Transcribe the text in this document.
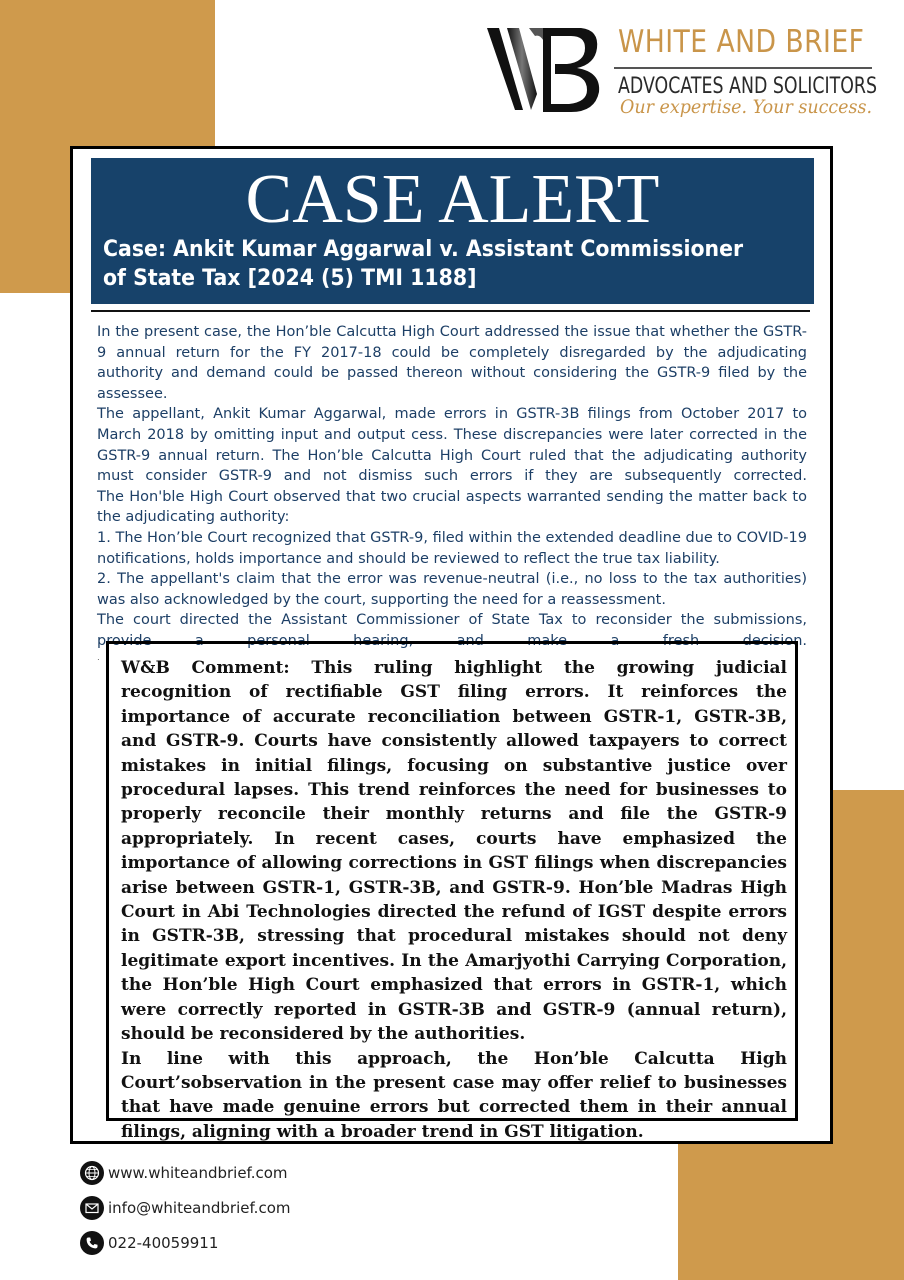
WHITE AND BRIEF
ADVOCATES AND SOLICITORS
Our expertise. Your success.
CASE ALERT
Case: Ankit Kumar Aggarwal v. Assistant Commissioner of State Tax [2024 (5) TMI 1188]

In the present case, the Hon’ble Calcutta High Court addressed the issue that whether the GSTR-9 annual return for the FY 2017-18 could be completely disregarded by the adjudicating authority and demand could be passed thereon without considering the GSTR-9 filed by the assessee.

The appellant, Ankit Kumar Aggarwal, made errors in GSTR-3B filings from October 2017 to March 2018 by omitting input and output cess. These discrepancies were later corrected in the GSTR-9 annual return. The Hon’ble Calcutta High Court ruled that the adjudicating authority must consider GSTR-9 and not dismiss such errors if they are subsequently corrected.

The Hon'ble High Court observed that two crucial aspects warranted sending the matter back to the adjudicating authority:

1. The Hon’ble Court recognized that GSTR-9, filed within the extended deadline due to COVID-19 notifications, holds importance and should be reviewed to reflect the true tax liability.

2. The appellant's claim that the error was revenue-neutral (i.e., no loss to the tax authorities) was also acknowledged by the court, supporting the need for a reassessment.

The court directed the Assistant Commissioner of State Tax to reconsider the submissions, provide a personal hearing, and make a fresh decision.

· W&B Comment: This ruling highlight the growing judicial recognition of rectifiable GST filing errors. It reinforces the importance of accurate reconciliation between GSTR-1, GSTR-3B, and GSTR-9. Courts have consistently allowed taxpayers to correct mistakes in initial filings, focusing on substantive justice over procedural lapses. This trend reinforces the need for businesses to properly reconcile their monthly returns and file the GSTR-9 appropriately. In recent cases, courts have emphasized the importance of allowing corrections in GST filings when discrepancies arise between GSTR-1, GSTR-3B, and GSTR-9. Hon’ble Madras High Court in Abi Technologies directed the refund of IGST despite errors in GSTR-3B, stressing that procedural mistakes should not deny legitimate export incentives. In the Amarjyothi Carrying Corporation, the Hon’ble High Court emphasized that errors in GSTR-1, which were correctly reported in GSTR-3B and GSTR-9 (annual return), should be reconsidered by the authorities.

In line with this approach, the Hon’ble Calcutta High Court’sobservation in the present case may offer relief to businesses that have made genuine errors but corrected them in their annual filings, aligning with a broader trend in GST litigation.

www.whiteandbrief.com
info@whiteandbrief.com
022-40059911
